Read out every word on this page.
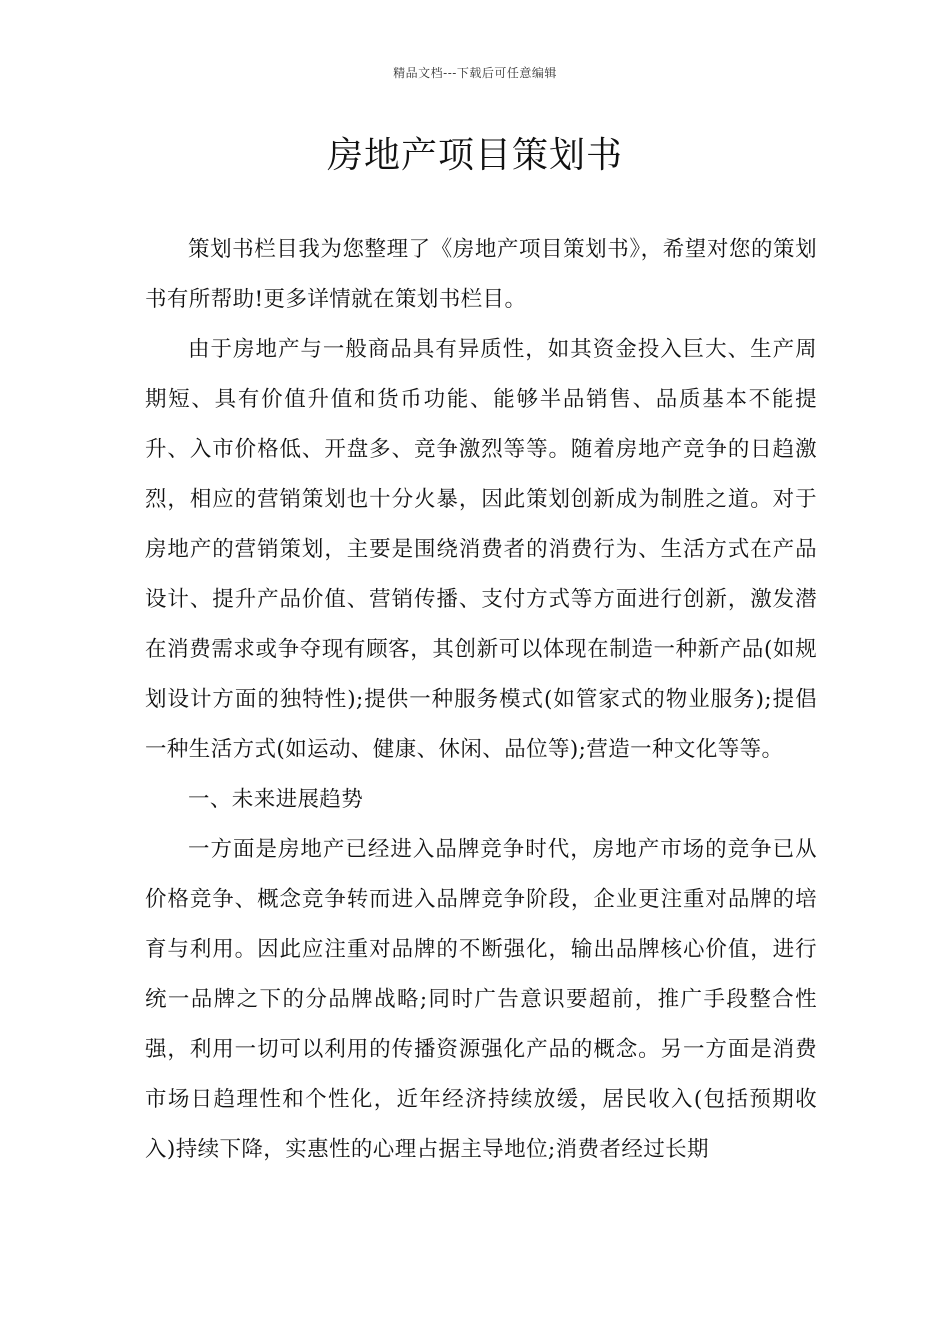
精品文档---下载后可任意编辑
房地产项目策划书

策划书栏目我为您整理了《房地产项目策划书》，希望对您的策划书有所帮助!更多详情就在策划书栏目。

由于房地产与一般商品具有异质性，如其资金投入巨大、生产周期短、具有价值升值和货币功能、能够半品销售、品质基本不能提升、入市价格低、开盘多、竞争激烈等等。随着房地产竞争的日趋激烈，相应的营销策划也十分火暴，因此策划创新成为制胜之道。对于房地产的营销策划，主要是围绕消费者的消费行为、生活方式在产品设计、提升产品价值、营销传播、支付方式等方面进行创新，激发潜在消费需求或争夺现有顾客，其创新可以体现在制造一种新产品(如规划设计方面的独特性);提供一种服务模式(如管家式的物业服务);提倡一种生活方式(如运动、健康、休闲、品位等);营造一种文化等等。

一、未来进展趋势

一方面是房地产已经进入品牌竞争时代，房地产市场的竞争已从价格竞争、概念竞争转而进入品牌竞争阶段，企业更注重对品牌的培育与利用。因此应注重对品牌的不断强化，输出品牌核心价值，进行统一品牌之下的分品牌战略;同时广告意识要超前，推广手段整合性强，利用一切可以利用的传播资源强化产品的概念。另一方面是消费市场日趋理性和个性化，近年经济持续放缓，居民收入(包括预期收入)持续下降，实惠性的心理占据主导地位;消费者经过长期
